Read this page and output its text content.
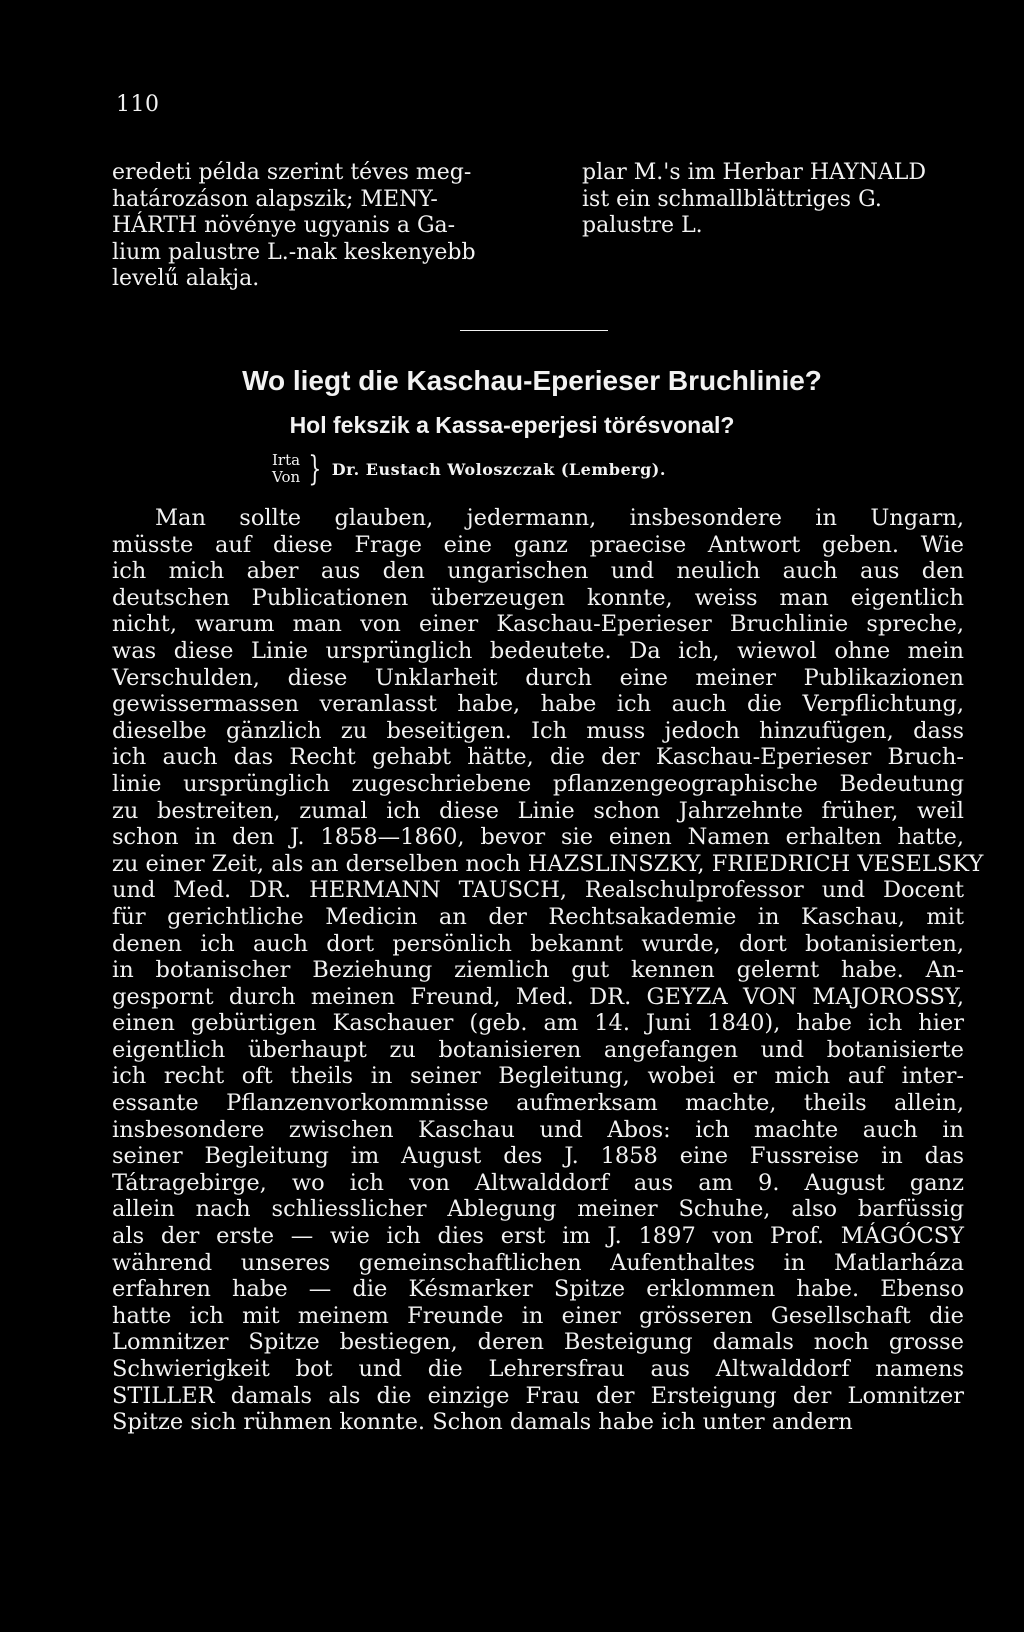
110
eredeti példa szerint téves meg-
határozáson alapszik; MENY-
HÁRTH növénye ugyanis a Ga-
lium palustre L.-nak keskenyebb
levelű alakja.
plar M.'s im Herbar HAYNALD
ist ein schmallblättriges G.
palustre L.
Wo liegt die Kaschau-Eperieser Bruchlinie?
Hol fekszik a Kassa-eperjesi törésvonal?
Irta
Von } Dr. Eustach Woloszczak (Lemberg).
Man sollte glauben, jedermann, insbesondere in Ungarn,
müsste auf diese Frage eine ganz praecise Antwort geben. Wie
ich mich aber aus den ungarischen und neulich auch aus den
deutschen Publicationen überzeugen konnte, weiss man eigentlich
nicht, warum man von einer Kaschau-Eperieser Bruchlinie spreche,
was diese Linie ursprünglich bedeutete. Da ich, wiewol ohne mein
Verschulden, diese Unklarheit durch eine meiner Publikazionen
gewissermassen veranlasst habe, habe ich auch die Verpflichtung,
dieselbe gänzlich zu beseitigen. Ich muss jedoch hinzufügen, dass
ich auch das Recht gehabt hätte, die der Kaschau-Eperieser Bruch-
linie ursprünglich zugeschriebene pflanzengeographische Bedeutung
zu bestreiten, zumal ich diese Linie schon Jahrzehnte früher, weil
schon in den J. 1858—1860, bevor sie einen Namen erhalten hatte,
zu einer Zeit, als an derselben noch HAZSLINSZKY, FRIEDRICH VESELSKY
und Med. DR. HERMANN TAUSCH, Realschulprofessor und Docent
für gerichtliche Medicin an der Rechtsakademie in Kaschau, mit
denen ich auch dort persönlich bekannt wurde, dort botanisierten,
in botanischer Beziehung ziemlich gut kennen gelernt habe. An-
gespornt durch meinen Freund, Med. DR. GEYZA VON MAJOROSSY,
einen gebürtigen Kaschauer (geb. am 14. Juni 1840), habe ich hier
eigentlich überhaupt zu botanisieren angefangen und botanisierte
ich recht oft theils in seiner Begleitung, wobei er mich auf inter-
essante Pflanzenvorkommnisse aufmerksam machte, theils allein,
insbesondere zwischen Kaschau und Abos: ich machte auch in
seiner Begleitung im August des J. 1858 eine Fussreise in das
Tátragebirge, wo ich von Altwalddorf aus am 9. August ganz
allein nach schliesslicher Ablegung meiner Schuhe, also barfüssig
als der erste — wie ich dies erst im J. 1897 von Prof. MÁGÓCSY
während unseres gemeinschaftlichen Aufenthaltes in Matlarháza
erfahren habe — die Késmarker Spitze erklommen habe. Ebenso
hatte ich mit meinem Freunde in einer grösseren Gesellschaft die
Lomnitzer Spitze bestiegen, deren Besteigung damals noch grosse
Schwierigkeit bot und die Lehrersfrau aus Altwalddorf namens
STILLER damals als die einzige Frau der Ersteigung der Lomnitzer
Spitze sich rühmen konnte. Schon damals habe ich unter andern
